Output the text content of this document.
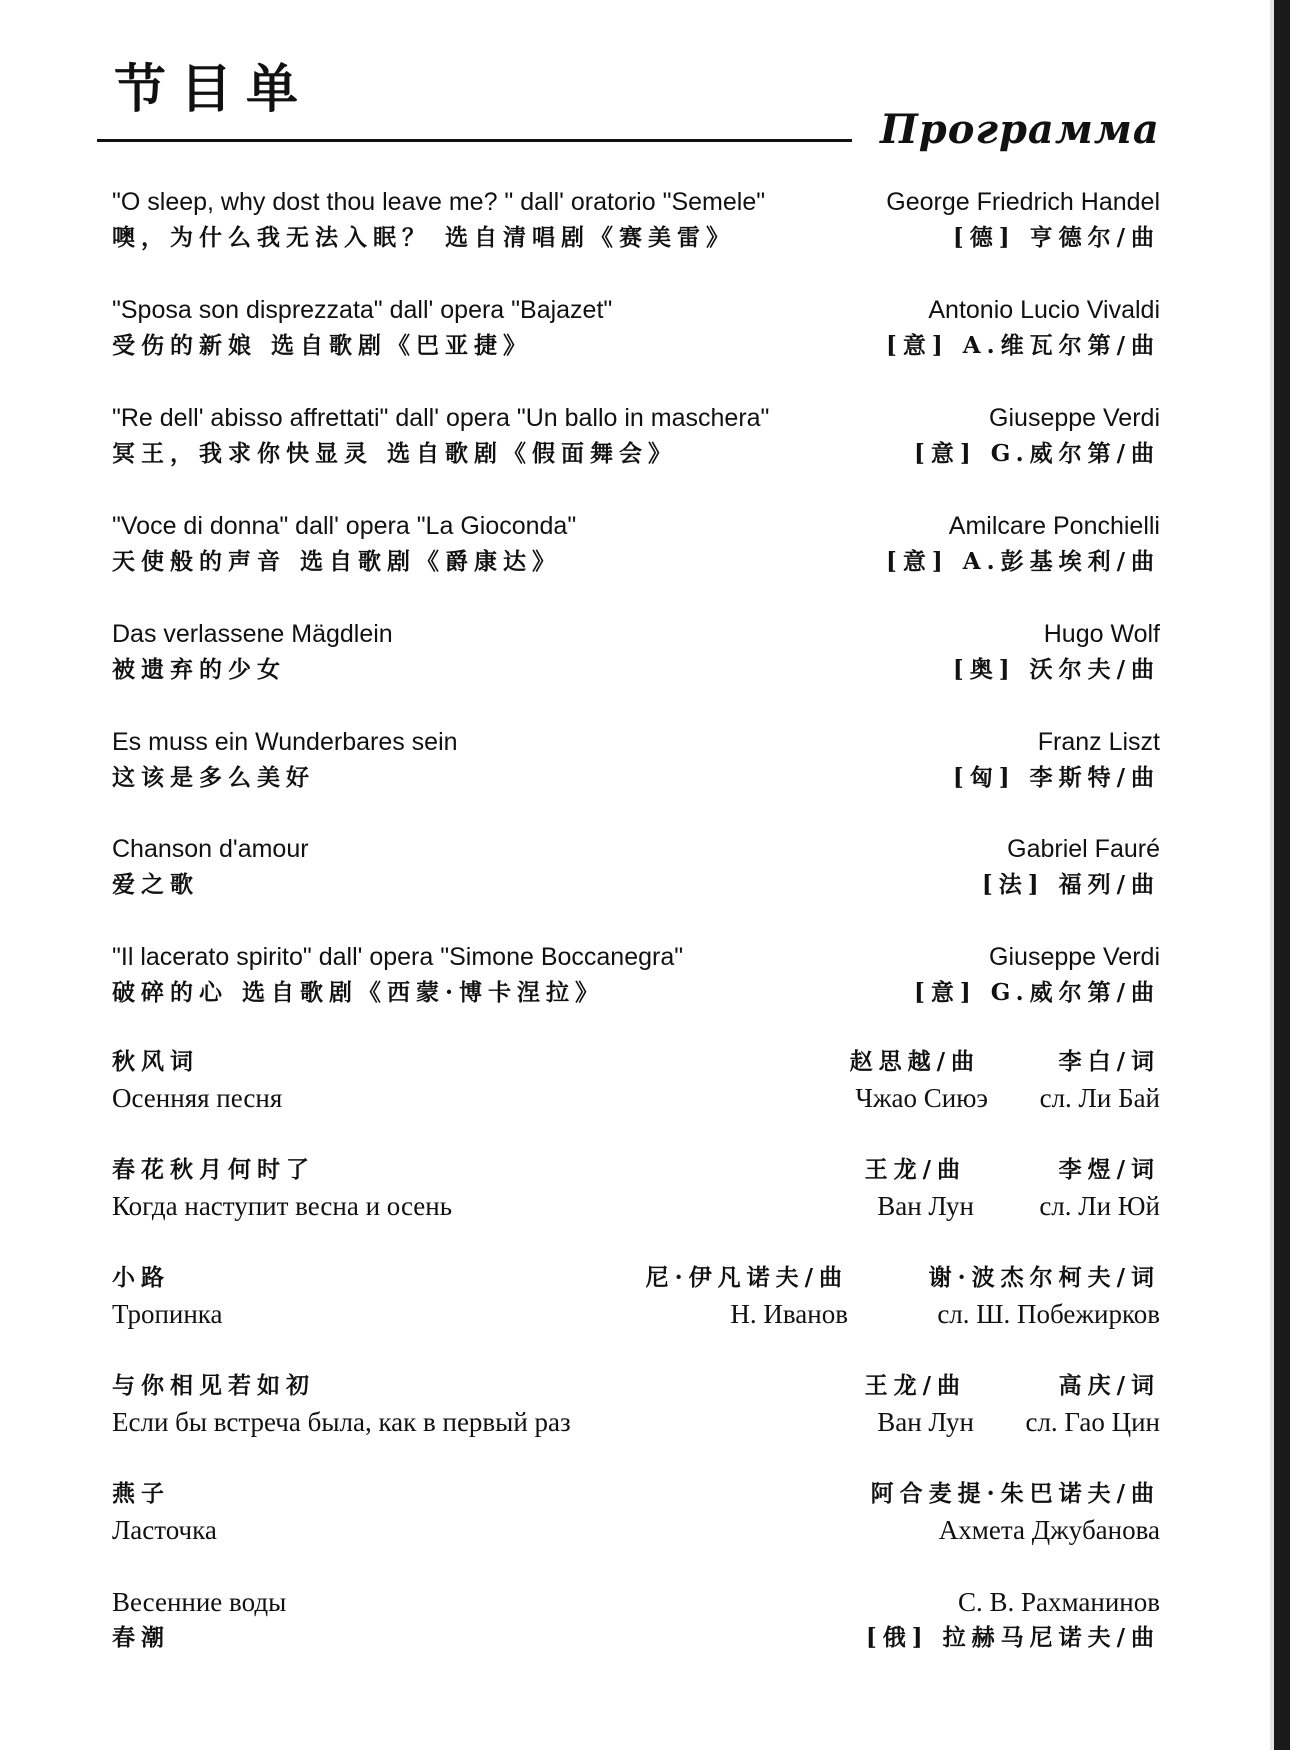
节目单
Программа
"O sleep, why dost thou leave me? " dall' oratorio "Semele"	George Friedrich Handel
噢，为什么我无法入眠？ 选自清唱剧《赛美雷》	[德] 亨德尔/曲
"Sposa son disprezzata" dall' opera "Bajazet"	Antonio Lucio Vivaldi
受伤的新娘 选自歌剧《巴亚捷》	[意] A.维瓦尔第/曲
"Re dell' abisso affrettati" dall' opera "Un ballo in maschera"	Giuseppe Verdi
冥王，我求你快显灵 选自歌剧《假面舞会》	[意] G.威尔第/曲
"Voce di donna" dall' opera "La Gioconda"	Amilcare Ponchielli
天使般的声音 选自歌剧《爵康达》	[意] A.彭基埃利/曲
Das verlassene Mägdlein	Hugo Wolf
被遗弃的少女	[奥] 沃尔夫/曲
Es muss ein Wunderbares sein	Franz Liszt
这该是多么美好	[匈] 李斯特/曲
Chanson d'amour	Gabriel Fauré
爱之歌	[法] 福列/曲
"Il lacerato spirito" dall' opera "Simone Boccanegra"	Giuseppe Verdi
破碎的心 选自歌剧《西蒙·博卡涅拉》	[意] G.威尔第/曲
秋风词	赵思越/曲	李白/词
Осенняя песня	Чжао Сиюэ сл. Ли Бай
春花秋月何时了	王龙/曲	李煜/词
Когда наступит весна и осень	Ван Лун сл. Ли Юй
小路	尼·伊凡诺夫/曲	谢·波杰尔柯夫/词
Тропинка	Н. Иванов	сл. Ш. Побежирков
与你相见若如初	王龙/曲	高庆/词
Если бы встреча была, как в первый раз	Ван Лун сл. Гао Цин
燕子	阿合麦提·朱巴诺夫/曲
Ласточка	Ахмета Джубанова
Весенние воды	С. В. Рахманинов
春潮	[俄] 拉赫马尼诺夫/曲
